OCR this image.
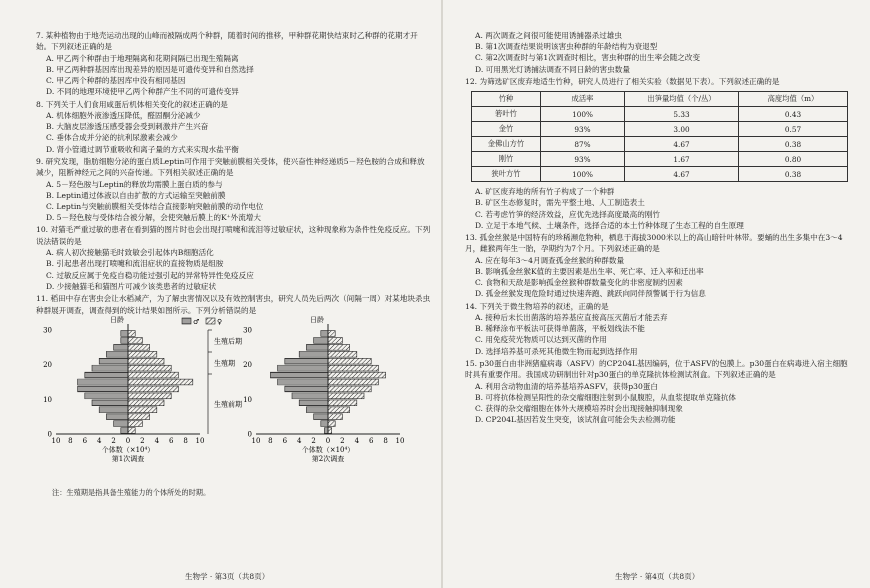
7. 某种植物由于地壳运动出现的山峰而被隔成两个种群，随着时间的推移，甲种群花期快结束时乙种群的花期才开始。下列叙述正确的是
A. 甲乙两个种群由于地理隔离和花期间隔已出现生殖隔离
B. 甲乙两种群基因库出现差异的原因是可遗传变异和自然选择
C. 甲乙两个种群的基因库中没有相同基因
D. 不同的地理环境使甲乙两个种群产生不同的可遗传变异
8. 下列关于人们食用咸蛋后机体相关变化的叙述正确的是
A. 机体细胞外液渗透压降低，醛固酮分泌减少
B. 大脑皮层渗透压感受器会受到刺激并产生兴奋
C. 垂体合成并分泌的抗利尿激素会减少
D. 肾小管通过调节重吸收和离子量的方式来实现水盐平衡
9. 研究发现，脂肪细胞分泌的蛋白质Leptin可作用于突触前膜相关受体，使兴奋性神经递质5－羟色胺的合成和释放减少，阻断神经元之间的兴奋传递。下列相关叙述正确的是
A. 5－羟色胺与Leptin的释放均需膜上蛋白质的参与
B. Leptin通过体液以自由扩散的方式运输至突触前膜
C. Leptin与突触前膜相关受体结合直接影响突触前膜的动作电位
D. 5－羟色胺与受体结合被分解，会使突触后膜上的K⁺外流增大
10. 对猫毛严重过敏的患者在看到猫的图片时也会出现打喷嚏和流泪等过敏症状，这种现象称为条件性免疫反应。下列说法错误的是
A. 病人初次接触猫毛时致敏会引起体内B细胞活化
B. 引起患者出现打喷嚏和流泪症状的直接物质是组胺
C. 过敏反应属于免疫自稳功能过强引起的异常特异性免疫反应
D. 少接触猫毛和猫图片可减少该类患者的过敏症状
11. 稻田中存在害虫会让水稻减产，为了解虫害情况以及有效控制害虫，研究人员先后两次（间隔一周）对某地块杀虫种群展开调查，调查得到的统计结果如图所示。下列分析错误的是
日龄
30
20
10
0
10 8 6 4 2 0 2 4 6 8 10
个体数（×10⁴）
第1次调查
日龄
30
20
10
0
10 8 6 4 2 0 2 4 6 8 10
个体数（×10⁴）
第2次调查
♂	♀
生殖后期
生殖期
生殖前期
注：生殖期是指具备生殖能力的个体所处的时期。
生物学 · 第3页（共8页）
A. 两次调查之间很可能使用诱捕器杀过雄虫
B. 第1次调查结果说明该害虫种群的年龄结构为衰退型
C. 第2次调查时与第1次调查时相比，害虫种群的出生率会随之改变
D. 可用黑光灯诱捕法调查不同日龄的害虫数量
12. 为筛选矿区废弃地适生竹种，研究人员进行了相关实验（数据见下表）。下列叙述正确的是
竹种	成活率	出笋量均值（个/丛）	高度均值（m）
箬叶竹	100%	5.33	0.43
金竹	93%	3.00	0.57
金佛山方竹	87%	4.67	0.38
刚竹	93%	1.67	0.80
狭叶方竹	100%	4.67	0.38
A. 矿区废弃地的所有竹子构成了一个种群
B. 矿区生态修复时，需先平整土地、人工制造表土
C. 若考虑竹笋的经济效益，应优先选择高度最高的刚竹
D. 立足于本地气候、土壤条件，选择合适的本土竹种体现了生态工程的自生原理
13. 孤金丝猴是中国特有的珍稀濒危物种，栖息于海拔3000米以上的高山暗针叶林带。要蛹的出生多集中在3～4月，雌猴两年生一胎，孕期约为7个月。下列叙述正确的是
A. 应在每年3～4月调查孤金丝猴的种群数量
B. 影响孤金丝猴K值的主要因素是出生率、死亡率、迁入率和迁出率
C. 食物和天敌是影响孤金丝猴种群数量变化的非密度制约因素
D. 孤金丝猴发现危险时通过快速奔跑、跳跃向同伴预警属于行为信息
14. 下列关于微生物培养的叙述，正确的是
A. 接种后未长出菌落的培养基应直接高压灭菌后才能丢弃
B. 稀释涂布平板法可获得单菌落，平板划线法不能
C. 用免疫荧光物质可以达到灭菌的作用
D. 选择培养基可杀死其他微生物而起到选择作用
15. p30蛋白由非洲猪瘟病毒（ASFV）的CP204L基因编码，位于ASFV的包膜上。p30蛋白在病毒进入宿主细胞时具有重要作用。我国成功研制出针对p30蛋白的单克隆抗体检测试剂盒。下列叙述正确的是
A. 利用含动物血清的培养基培养ASFV，获得p30蛋白
B. 可将抗体检测呈阳性的杂交瘤细胞注射到小鼠腹腔，从血浆提取单克隆抗体
C. 获得的杂交瘤细胞在体外大规模培养时会出现接触抑制现象
D. CP204L基因若发生突变，该试剂盒可能会失去检测功能
生物学 · 第4页（共8页）
